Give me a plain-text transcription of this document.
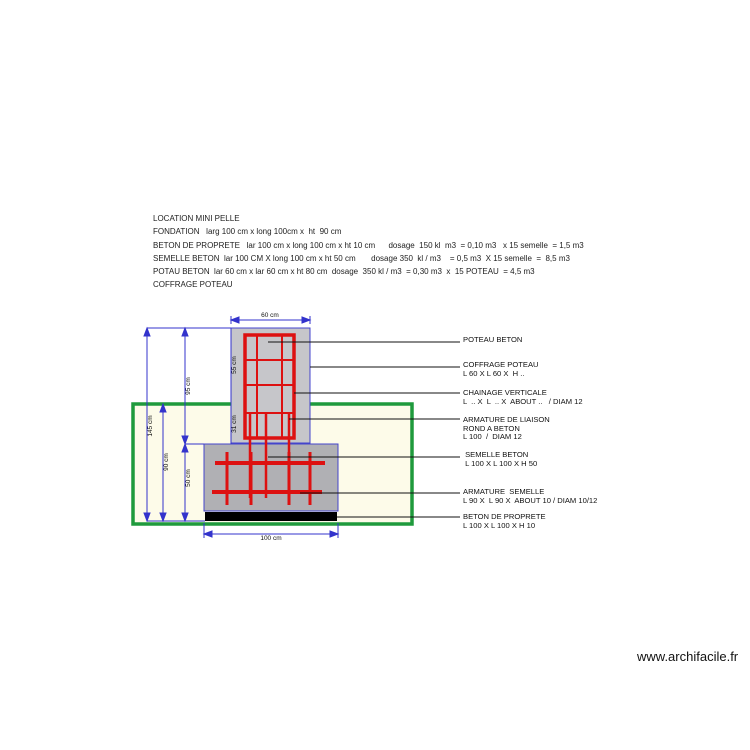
60 cm
100 cm
145 cm
90 cm
95 cm
50 cm
55 cm
31 cm
LOCATION MINI PELLE
FONDATION   larg 100 cm x long 100cm x  ht  90 cm
BETON DE PROPRETE   lar 100 cm x long 100 cm x ht 10 cm      dosage  150 kl  m3  = 0,10 m3   x 15 semelle  = 1,5 m3
SEMELLE BETON  lar 100 CM X long 100 cm x ht 50 cm       dosage 350  kl / m3    = 0,5 m3  X 15 semelle  =  8,5 m3
POTAU BETON  lar 60 cm x lar 60 cm x ht 80 cm  dosage  350 kl / m3  = 0,30 m3  x  15 POTEAU  = 4,5 m3
COFFRAGE POTEAU
POTEAU BETON
COFFRAGE POTEAU
L 60 X L 60 X  H ..
CHAINAGE VERTICALE
L  .. X  L  .. X  ABOUT ..   / DIAM 12
ARMATURE DE LIAISON
ROND A BETON
L 100  /  DIAM 12
SEMELLE BETON
L 100 X L 100 X H 50
ARMATURE  SEMELLE
L 90 X  L 90 X  ABOUT 10 / DIAM 10/12
BETON DE PROPRETE
L 100 X L 100 X H 10
www.archifacile.fr
